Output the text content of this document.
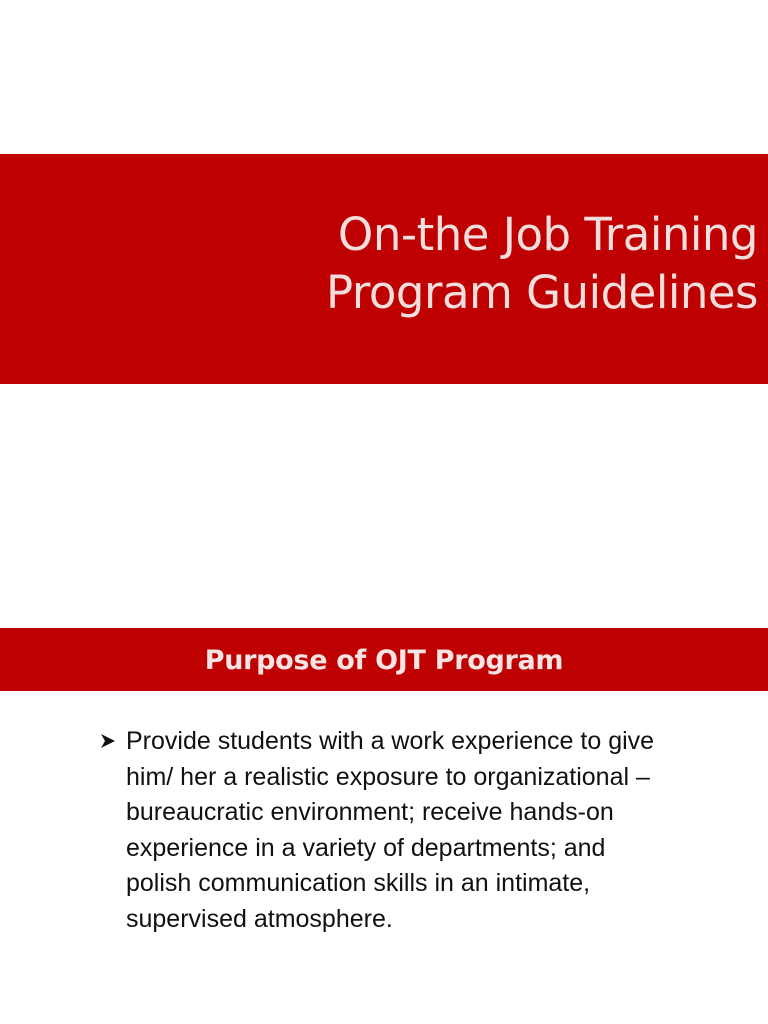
On-the Job Training
Program Guidelines
Purpose of OJT Program
Provide students with a work experience to give
him/ her a realistic exposure to organizational –
bureaucratic environment; receive hands-on
experience in a variety of departments; and
polish communication skills in an intimate,
supervised atmosphere.
